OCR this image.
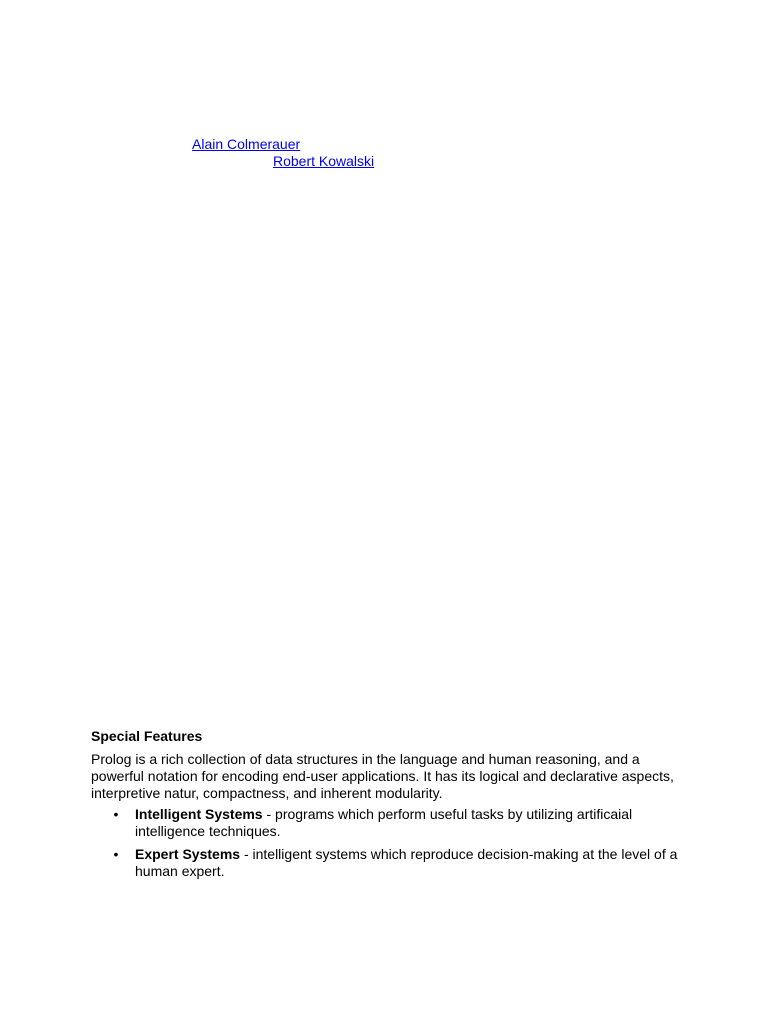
Alain Colmerauer
Robert Kowalski
Special Features

Prolog is a rich collection of data structures in the language and human reasoning, and a powerful notation for encoding end-user applications. It has its logical and declarative aspects, interpretive natur, compactness, and inherent modularity.

• Intelligent Systems - programs which perform useful tasks by utilizing artificaial intelligence techniques.
• Expert Systems - intelligent systems which reproduce decision-making at the level of a human expert.
